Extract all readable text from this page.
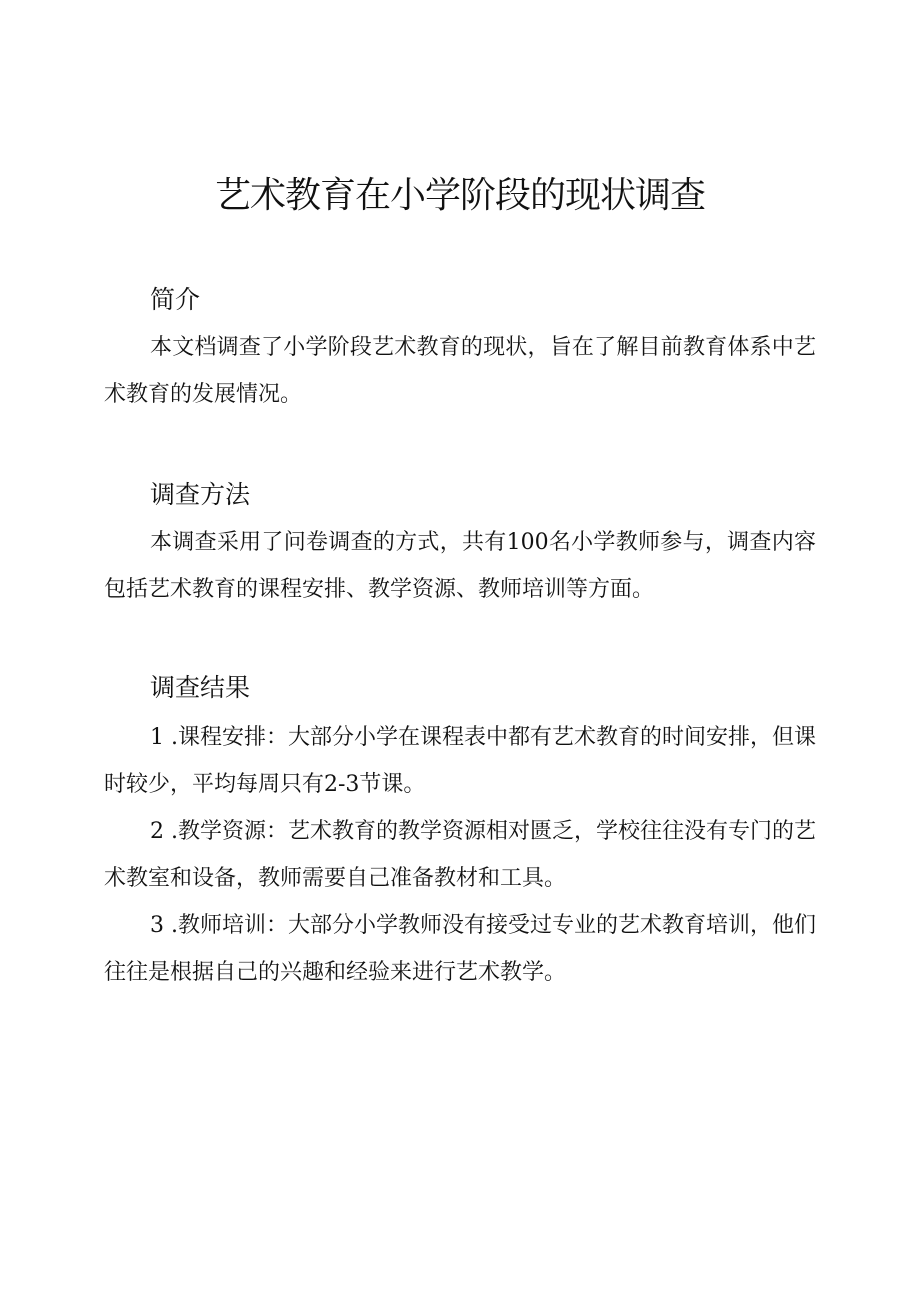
艺术教育在小学阶段的现状调查
简介

本文档调查了小学阶段艺术教育的现状，旨在了解目前教育体系中艺术教育的发展情况。

调查方法

本调查采用了问卷调查的方式，共有100名小学教师参与，调查内容包括艺术教育的课程安排、教学资源、教师培训等方面。

调查结果

1 .课程安排：大部分小学在课程表中都有艺术教育的时间安排，但课时较少，平均每周只有2-3节课。

2 .教学资源：艺术教育的教学资源相对匮乏，学校往往没有专门的艺术教室和设备，教师需要自己准备教材和工具。

3 .教师培训：大部分小学教师没有接受过专业的艺术教育培训，他们往往是根据自己的兴趣和经验来进行艺术教学。
